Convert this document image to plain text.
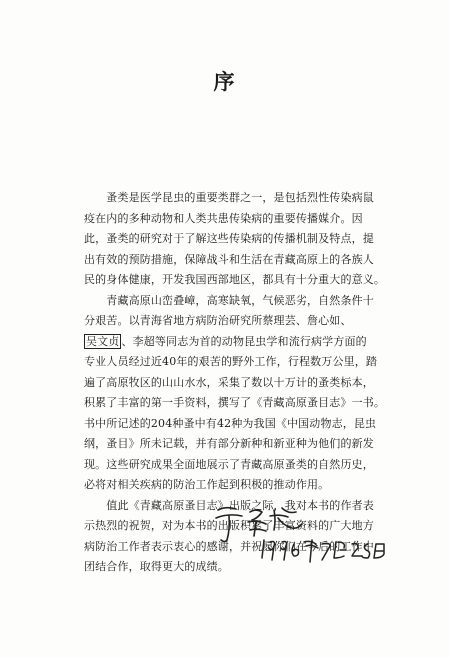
序

　　蚤类是医学昆虫的重要类群之一，是包括烈性传染病鼠

疫在内的多种动物和人类共患传染病的重要传播媒介。因

此，蚤类的研究对于了解这些传染病的传播机制及特点，提

出有效的预防措施，保障战斗和生活在青藏高原上的各族人

民的身体健康，开发我国西部地区，都具有十分重大的意义。

　　青藏高原山峦叠嶂，高寒缺氧，气候恶劣，自然条件十

分艰苦。以青海省地方病防治研究所蔡理芸、詹心如、

吴文贞 、李超等同志为首的动物昆虫学和流行病学方面的

专业人员经过近40年的艰苦的野外工作，行程数万公里，踏

遍了高原牧区的山山水水，采集了数以十万计的蚤类标本，

积累了丰富的第一手资料，撰写了《青藏高原蚤目志》一书。

书中所记述的204种蚤中有42种为我国《中国动物志，昆虫

纲，蚤目》所未记载，并有部分新种和新亚种为他们的新发

现。这些研究成果全面地展示了青藏高原蚤类的自然历史，

必将对相关疾病的防治工作起到积极的推动作用。

　　值此《青藏高原蚤目志》出版之际，我对本书的作者表

示热烈的祝贺，对为本书的出版积累了丰富资料的广大地方

病防治工作者表示衷心的感谢，并祝愿你们在今后的工作中

团结合作，取得更大的成绩。
